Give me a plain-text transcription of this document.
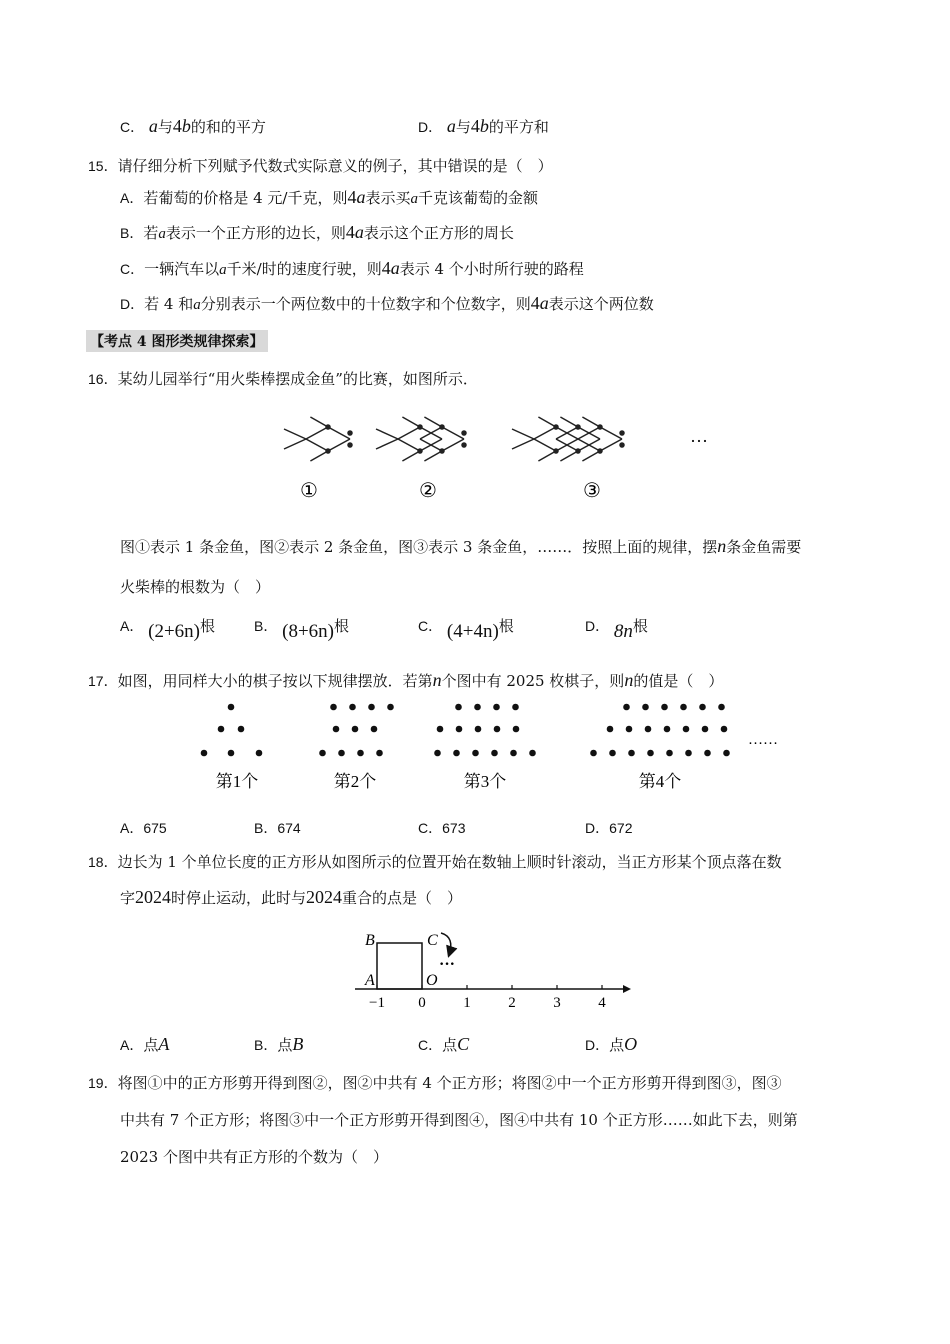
C． a与4b的和的平方	D． a与4b的平方和
15．请仔细分析下列赋予代数式实际意义的例子，其中错误的是（　）
A．若葡萄的价格是 4 元/千克，则4a表示买a千克该葡萄的金额
B．若a表示一个正方形的边长，则4a表示这个正方形的周长
C．一辆汽车以a千米/时的速度行驶，则4a表示 4 个小时所行驶的路程
D．若 4 和a分别表示一个两位数中的十位数字和个位数字，则4a表示这个两位数
【考点 4 图形类规律探索】
16．某幼儿园举行“用火柴棒摆成金鱼”的比赛，如图所示．
①	②	③
···
图①表示 1 条金鱼，图②表示 2 条金鱼，图③表示 3 条金鱼，……．按照上面的规律，摆n条金鱼需要
火柴棒的根数为（　）
A． (2+6n)根	B． (8+6n)根	C． (4+4n)根	D． 8n根
17．如图，用同样大小的棋子按以下规律摆放．若第n个图中有 2025 枚棋子，则n的值是（　）
第1个	第2个	第3个	第4个
……
A．675	B．674	C．673	D．672
18．边长为 1 个单位长度的正方形从如图所示的位置开始在数轴上顺时针滚动，当正方形某个顶点落在数
字2024时停止运动，此时与2024重合的点是（　）
B
A
C
O
···
−1 0	1	2	3	4
A．点A	B．点B	C．点C	D．点O
19．将图①中的正方形剪开得到图②，图②中共有 4 个正方形；将图②中一个正方形剪开得到图③，图③
中共有 7 个正方形；将图③中一个正方形剪开得到图④，图④中共有 10 个正方形……如此下去，则第
2023 个图中共有正方形的个数为（　）
